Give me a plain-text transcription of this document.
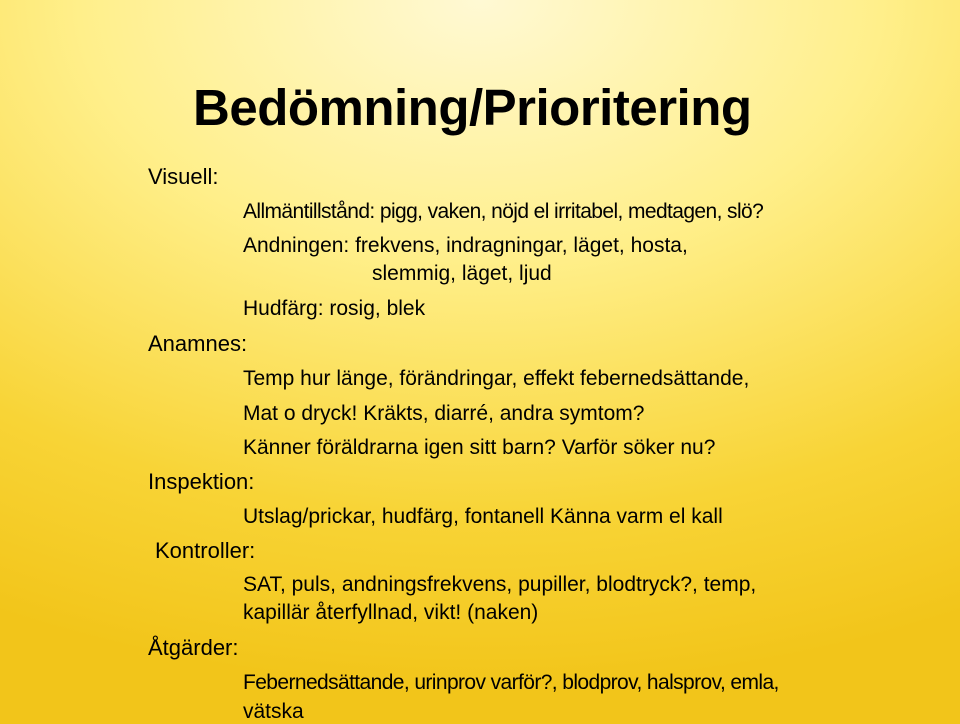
Bedömning/Prioritering
Visuell:
Allmäntillstånd: pigg, vaken, nöjd el irritabel, medtagen, slö?
Andningen: frekvens, indragningar, läget, hosta,
slemmig, läget, ljud
Hudfärg: rosig, blek
Anamnes:
Temp hur länge, förändringar, effekt febernedsättande,
Mat o dryck! Kräkts, diarré, andra symtom?
Känner föräldrarna igen sitt barn? Varför söker nu?
Inspektion:
Utslag/prickar, hudfärg, fontanell Känna varm el kall
Kontroller:
SAT, puls, andningsfrekvens, pupiller, blodtryck?, temp,
kapillär återfyllnad, vikt! (naken)
Åtgärder:
Febernedsättande, urinprov varför?, blodprov, halsprov, emla,
vätska
